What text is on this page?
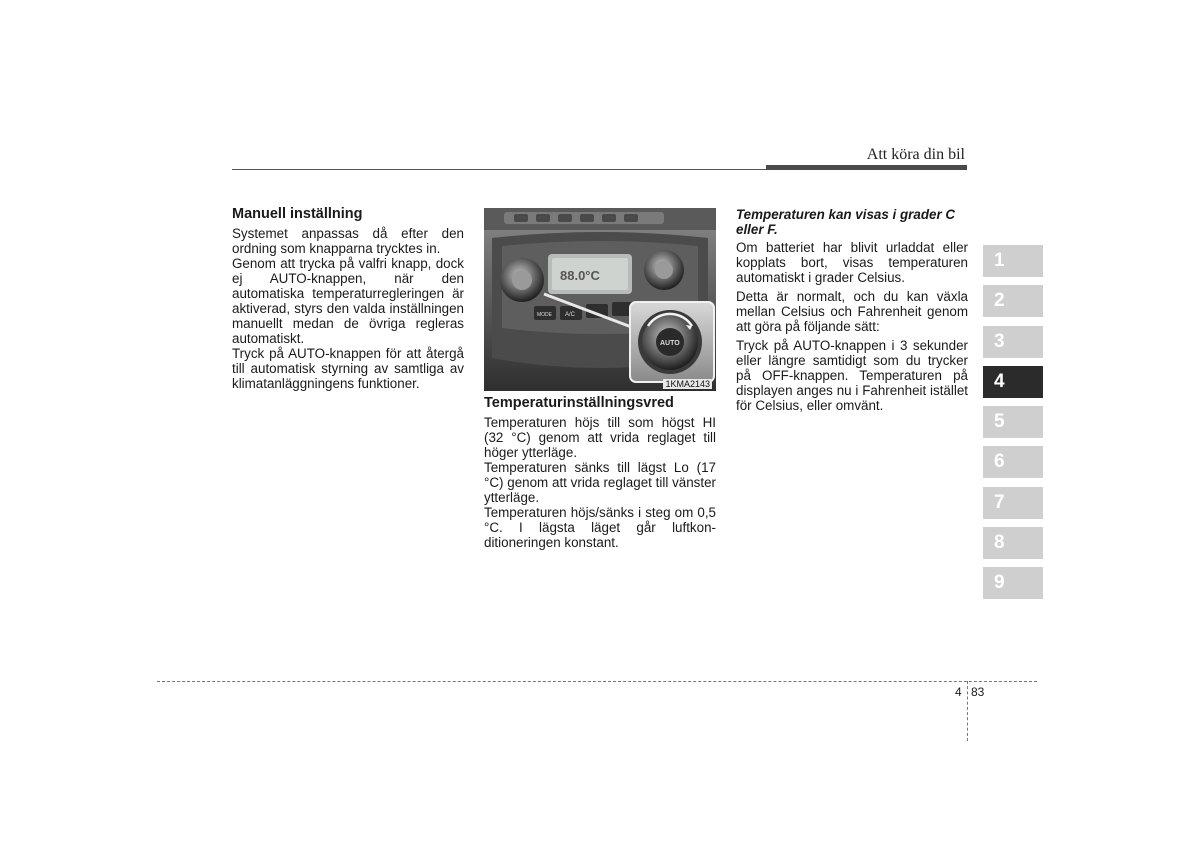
Att köra din bil
Manuell inställning

Systemet anpassas då efter den ordning som knapparna trycktes in.

Genom att trycka på valfri knapp, dock ej AUTO-knappen, när den automatiska temperaturregleringen är aktiverad, styrs den valda inställningen manuellt medan de övriga regleras automatiskt.

Tryck på AUTO-knappen för att återgå till automatisk styrning av samtliga av klimatanläggningens funktioner.

88.0°C
MODE A/C
AUTO
1KMA2143
Temperaturinställningsvred

Temperaturen höjs till som högst HI (32 °C) genom att vrida reglaget till höger ytterläge.

Temperaturen sänks till lägst Lo (17 °C) genom att vrida reglaget till vänster ytterläge.

Temperaturen höjs/sänks i steg om 0,5 °C. I lägsta läget går luftkonditioneringen konstant.

Temperaturen kan visas i grader C eller F.

Om batteriet har blivit urladdat eller kopplats bort, visas temperaturen automatiskt i grader Celsius.

Detta är normalt, och du kan växla mellan Celsius och Fahrenheit genom att göra på följande sätt:

Tryck på AUTO-knappen i 3 sekunder eller längre samtidigt som du trycker på OFF-knappen. Temperaturen på displayen anges nu i Fahrenheit istället för Celsius, eller omvänt.

1
2
3
4
5
6
7
8
9
4 83
